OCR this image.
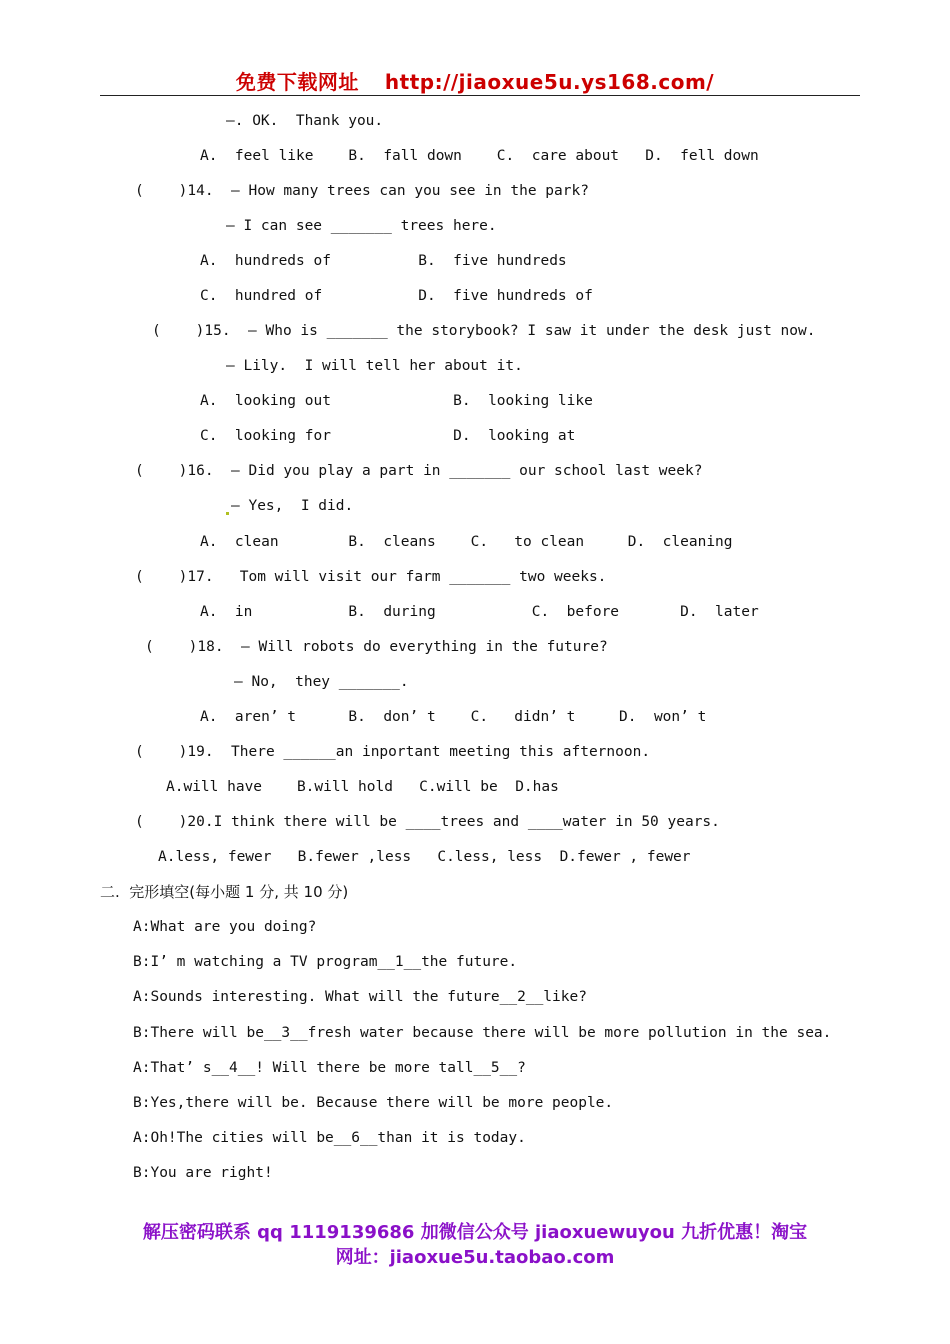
免费下载网址 http://jiaoxue5u.ys168.com/
—. OK.  Thank you.
A.  feel like    B.  fall down    C.  care about   D.  fell down
(    )14.  — How many trees can you see in the park?
— I can see _______ trees here.
A.  hundreds of          B.  five hundreds
C.  hundred of           D.  five hundreds of
(    )15.  — Who is _______ the storybook? I saw it under the desk just now.
— Lily.  I will tell her about it.
A.  looking out              B.  looking like
C.  looking for              D.  looking at
(    )16.  — Did you play a part in _______ our school last week?
— Yes,  I did.
A.  clean        B.  cleans    C.   to clean     D.  cleaning
(    )17.   Tom will visit our farm _______ two weeks.
A.  in           B.  during           C.  before       D.  later
(    )18.  — Will robots do everything in the future?
— No,  they _______.
A.  aren’ t      B.  don’ t    C.   didn’ t     D.  won’ t
(    )19.  There ______an inportant meeting this afternoon.
A.will have    B.will hold   C.will be  D.has
(    )20.I think there will be ____trees and ____water in 50 years.
A.less, fewer   B.fewer ,less   C.less, less  D.fewer , fewer
二.  完形填空(每小题 1 分, 共 10 分)
A:What are you doing?
B:I’ m watching a TV program__1__the future.
A:Sounds interesting. What will the future__2__like?
B:There will be__3__fresh water because there will be more pollution in the sea.
A:That’ s__4__! Will there be more tall__5__?
B:Yes,there will be. Because there will be more people.
A:Oh!The cities will be__6__than it is today.
B:You are right!
解压密码联系 qq 1119139686 加微信公众号 jiaoxuewuyou 九折优惠！淘宝
网址：jiaoxue5u.taobao.com
